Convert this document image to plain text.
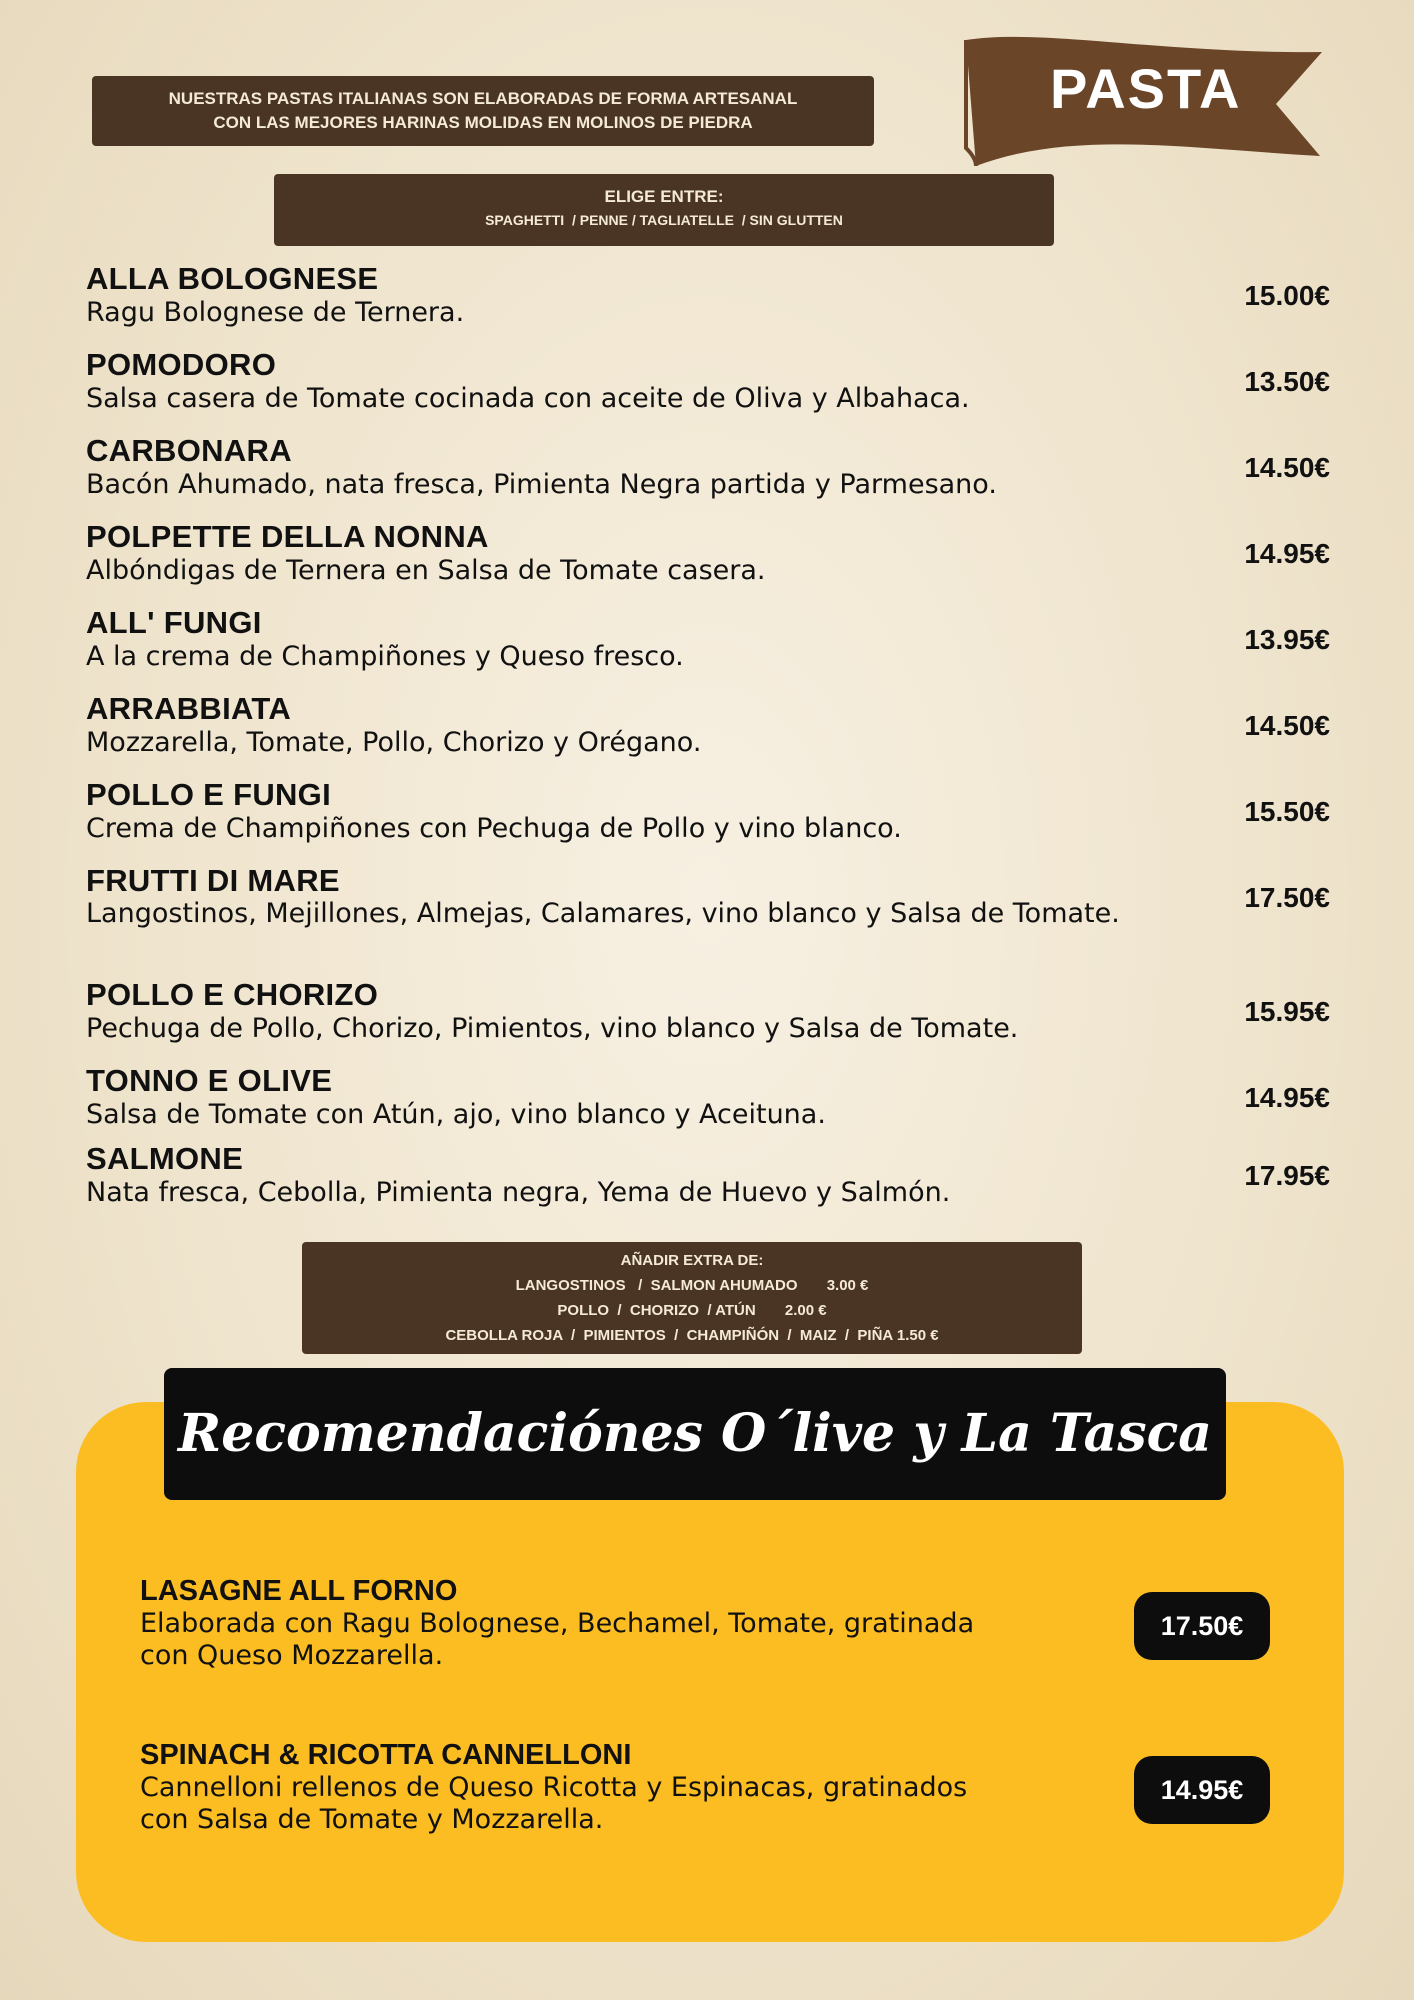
NUESTRAS PASTAS ITALIANAS SON ELABORADAS DE FORMA ARTESANAL
CON LAS MEJORES HARINAS MOLIDAS EN MOLINOS DE PIEDRA
PASTA
ELIGE ENTRE:
SPAGHETTI  / PENNE / TAGLIATELLE  / SIN GLUTTEN
ALLA BOLOGNESE
Ragu Bolognese de Ternera.
15.00€
POMODORO
Salsa casera de Tomate cocinada con aceite de Oliva y Albahaca.
13.50€
CARBONARA
Bacón Ahumado, nata fresca, Pimienta Negra partida y Parmesano.
14.50€
POLPETTE DELLA NONNA
Albóndigas de Ternera en Salsa de Tomate casera.
14.95€
ALL' FUNGI
A la crema de Champiñones y Queso fresco.
13.95€
ARRABBIATA
Mozzarella, Tomate, Pollo, Chorizo y Orégano.
14.50€
POLLO E FUNGI
Crema de Champiñones con Pechuga de Pollo y vino blanco.
15.50€
FRUTTI DI MARE
Langostinos, Mejillones, Almejas, Calamares, vino blanco y Salsa de Tomate.
17.50€
POLLO E CHORIZO
Pechuga de Pollo, Chorizo, Pimientos, vino blanco y Salsa de Tomate.
15.95€
TONNO E OLIVE
Salsa de Tomate con Atún, ajo, vino blanco y Aceituna.
14.95€
SALMONE
Nata fresca, Cebolla, Pimienta negra, Yema de Huevo y Salmón.
17.95€
AÑADIR EXTRA DE:
LANGOSTINOS   /  SALMON AHUMADO       3.00 €
POLLO  /  CHORIZO  / ATÚN       2.00 €
CEBOLLA ROJA  /  PIMIENTOS  /  CHAMPIÑÓN  /  MAIZ  /  PIÑA 1.50 €
Recomendaciónes O´live y La Tasca
LASAGNE ALL FORNO
Elaborada con Ragu Bolognese, Bechamel, Tomate, gratinada con Queso Mozzarella.
17.50€
SPINACH & RICOTTA CANNELLONI
Cannelloni rellenos de Queso Ricotta y Espinacas, gratinados con Salsa de Tomate y Mozzarella.
14.95€
